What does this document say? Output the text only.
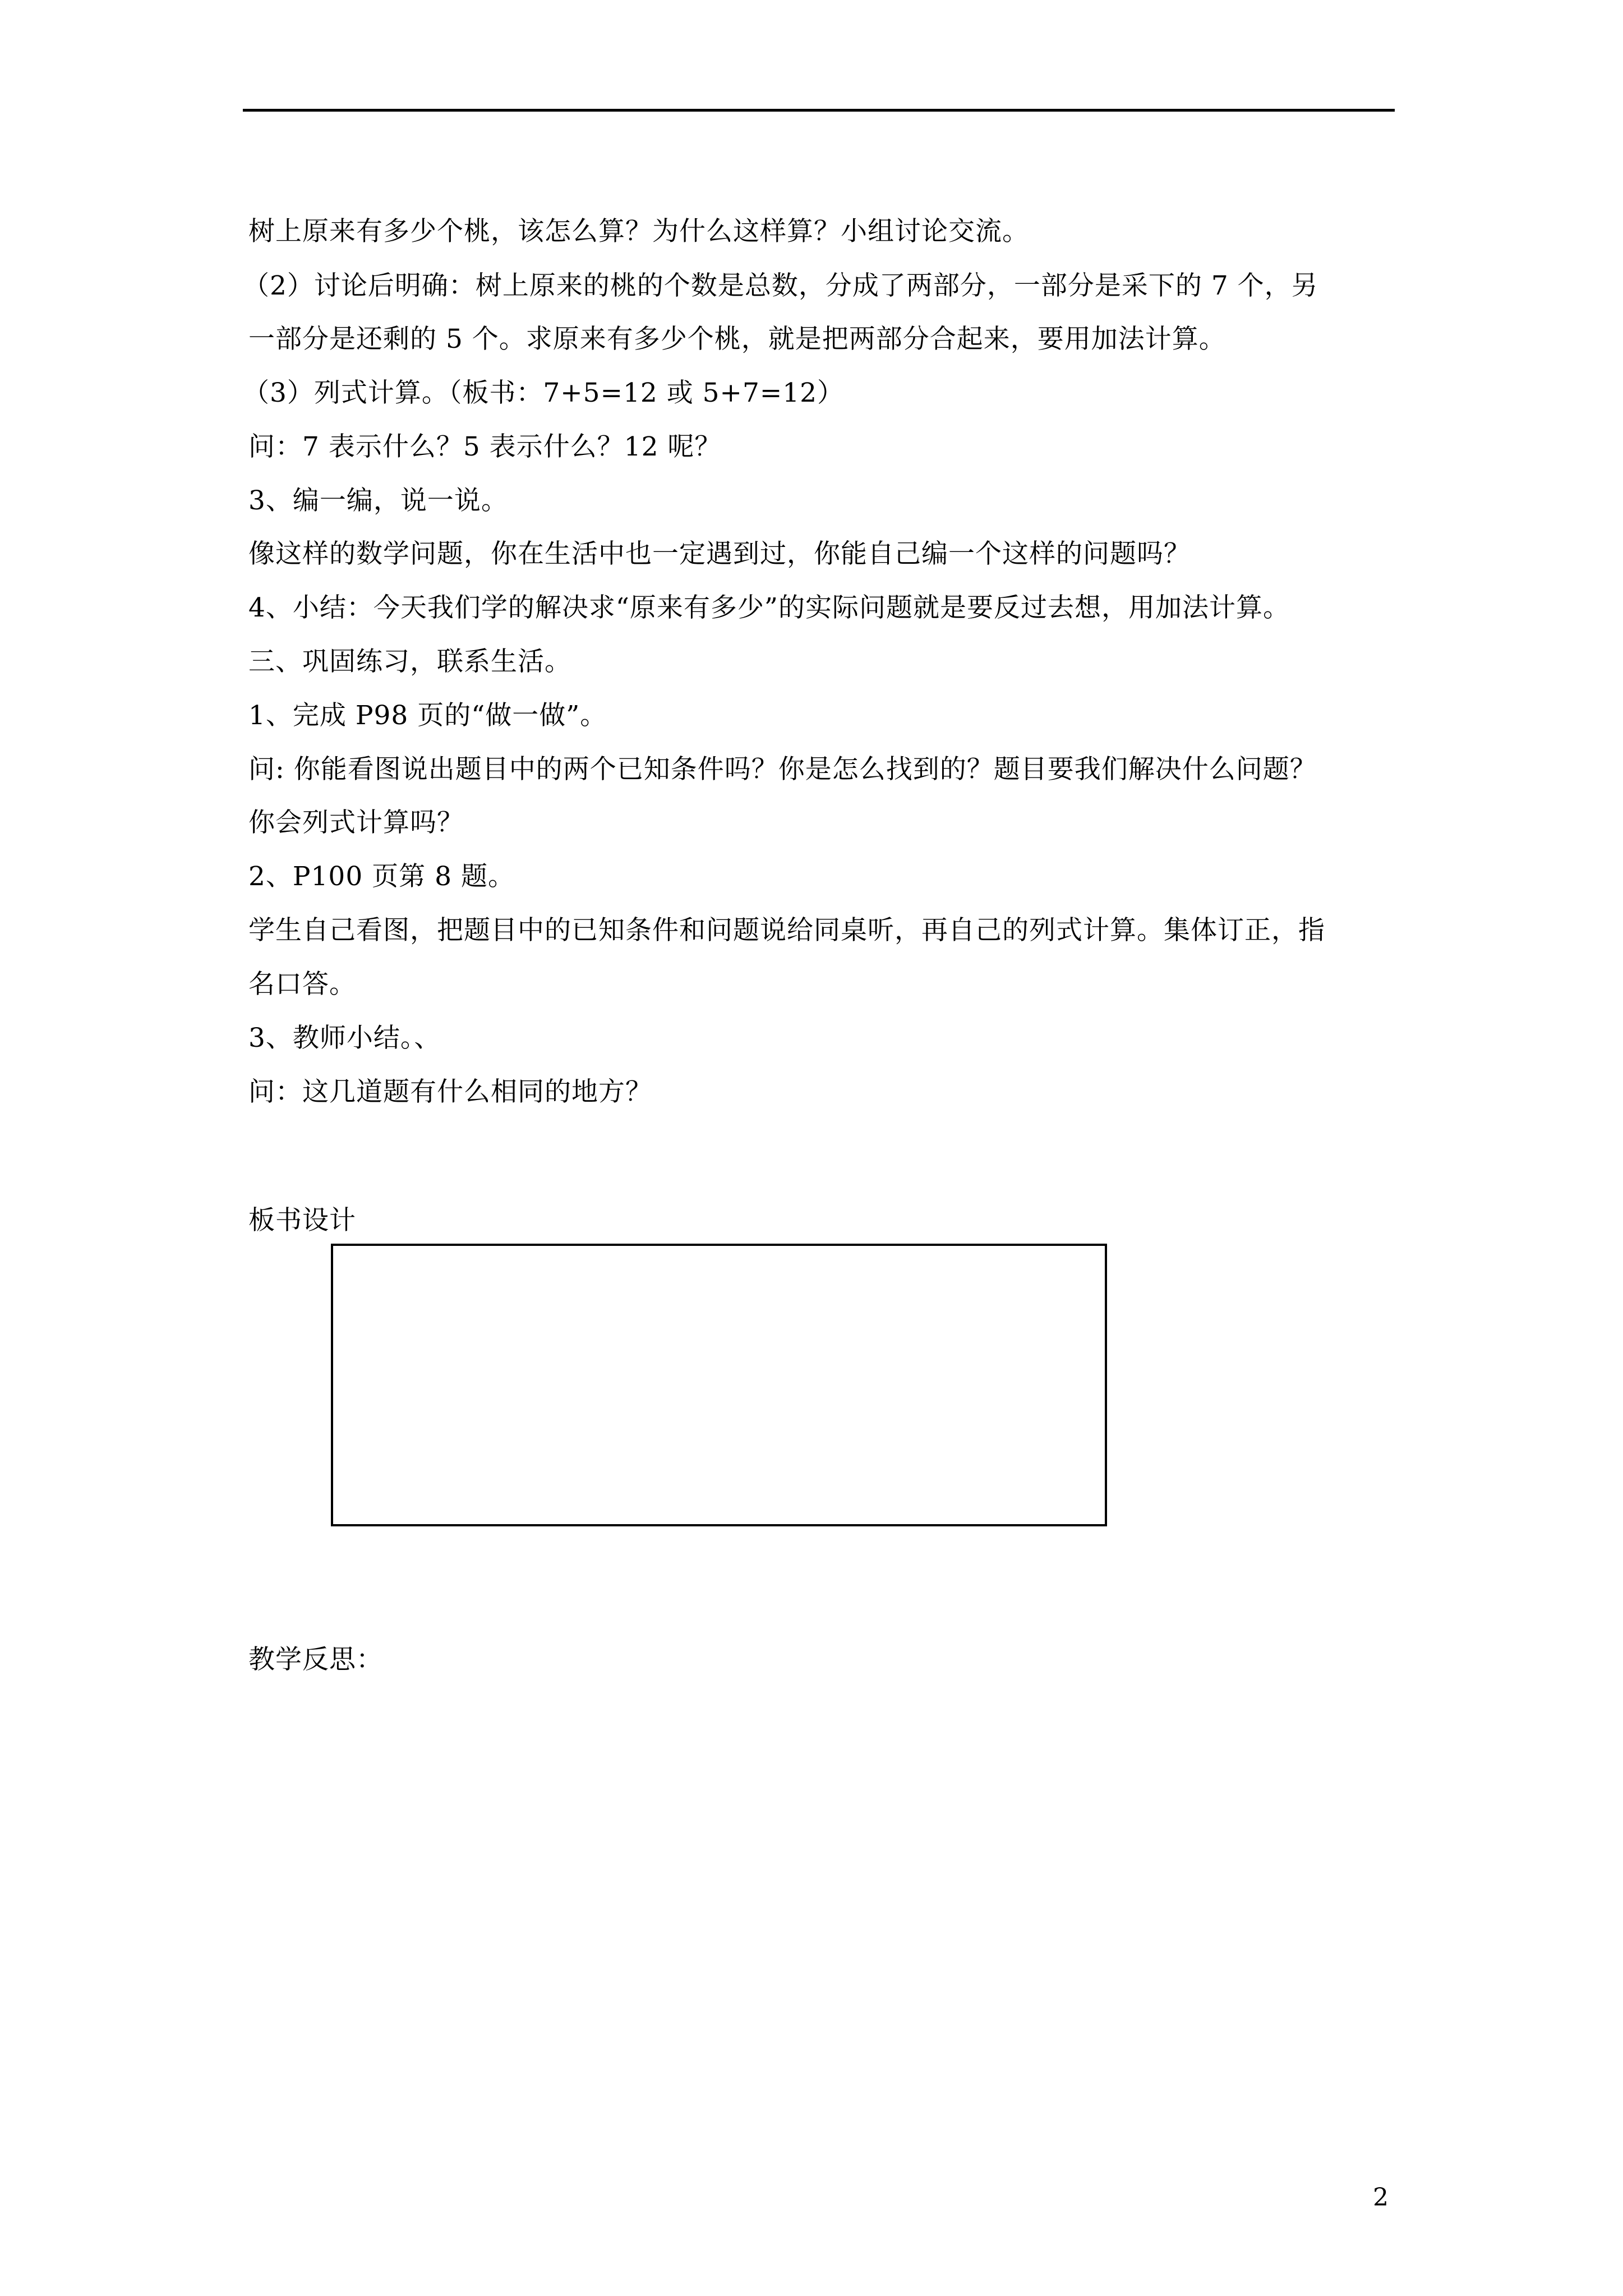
树上原来有多少个桃，该怎么算？为什么这样算？小组讨论交流。
（2）讨论后明确：树上原来的桃的个数是总数，分成了两部分，一部分是采下的 7 个，另
一部分是还剩的 5 个。求原来有多少个桃，就是把两部分合起来，要用加法计算。
（3）列式计算。（板书：7+5=12 或 5+7=12）
问：7 表示什么？5 表示什么？12 呢？
3、编一编，说一说。
像这样的数学问题，你在生活中也一定遇到过，你能自己编一个这样的问题吗？
4、小结：今天我们学的解决求“原来有多少”的实际问题就是要反过去想，用加法计算。
三、巩固练习，联系生活。
1、完成 P98 页的“做一做”。
问: 你能看图说出题目中的两个已知条件吗？你是怎么找到的？题目要我们解决什么问题？
你会列式计算吗？
2、P100 页第 8 题。
学生自己看图，把题目中的已知条件和问题说给同桌听，再自己的列式计算。集体订正，指
名口答。
3、教师小结。、
问：这几道题有什么相同的地方？
板书设计
教学反思：
2
